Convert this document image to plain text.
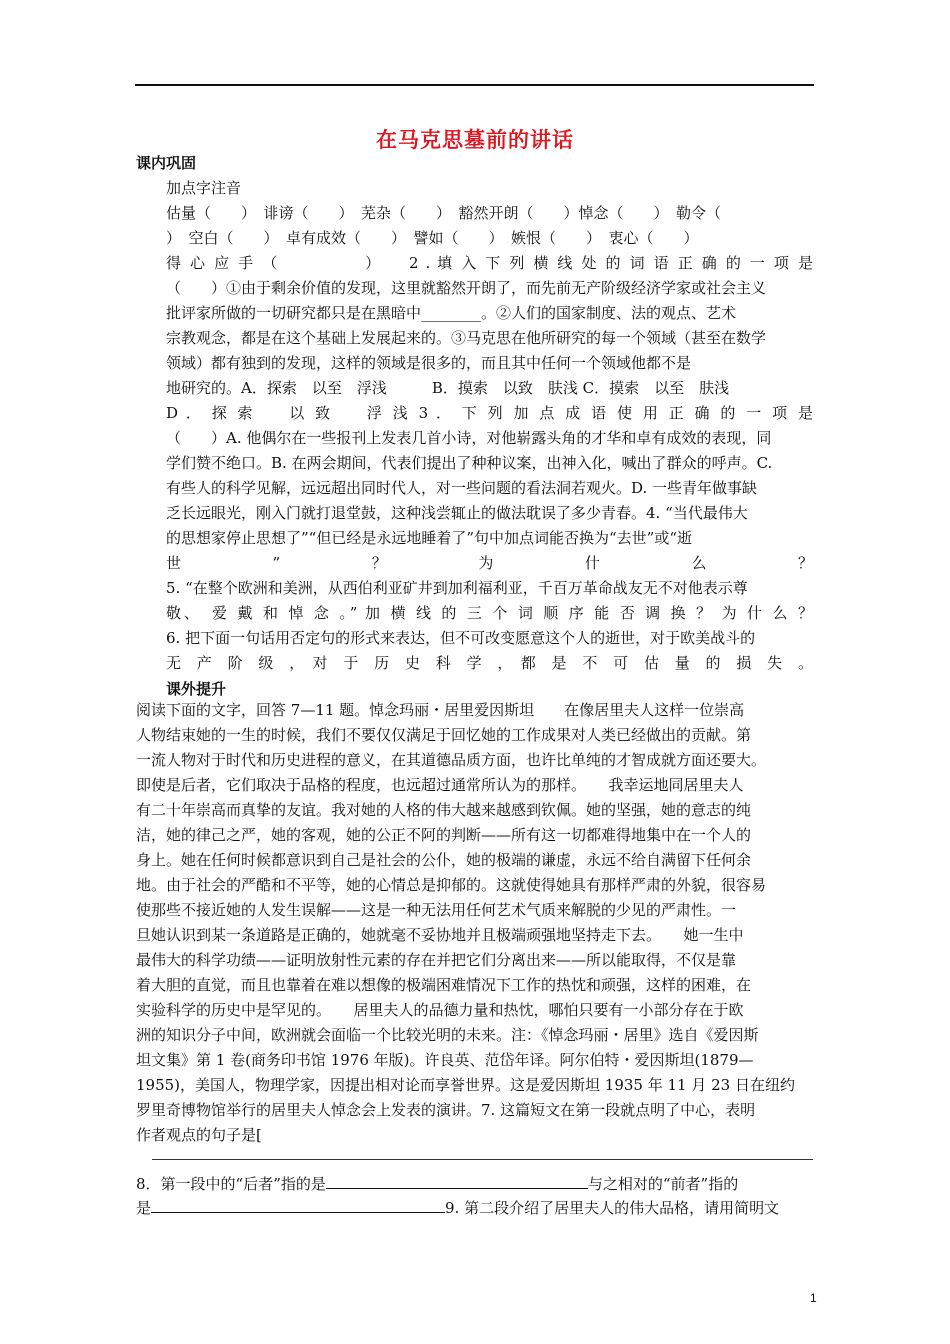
在马克思墓前的讲话
课内巩固
加点字注音
估量（　　）　诽谤（　　）　芜杂（　　）　豁然开朗（　　）悼念（　　）　勒令（
）　空白（　　）　卓有成效（　　）　譬如（　　）　嫉恨（　　）　衷心（　　）
得 心 应 手 （　　　　　）　　2 . 填 入 下 列 横 线 处 的 词 语 正 确 的 一 项 是
（　　）①由于剩余价值的发现，这里就豁然开朗了，而先前无产阶级经济学家或社会主义
批评家所做的一切研究都只是在黑暗中________。②人们的国家制度、法的观点、艺术
宗教观念，都是在这个基础上发展起来的。③马克思在他所研究的每一个领域（甚至在数学
领域）都有独到的发现，这样的领域是很多的，而且其中任何一个领域他都不是
地研究的。A．探索　以至　浮浅　　　B．摸索　以致　肤浅 C．摸索　以至　肤浅
D ． 探 索 　 以 致 　 浮 浅 3 ． 下 列 加 点 成 语 使 用 正 确 的 一 项 是
（　　）A. 他偶尔在一些报刊上发表几首小诗，对他崭露头角的才华和卓有成效的表现，同
学们赞不绝口。B. 在两会期间，代表们提出了种种议案，出神入化，喊出了群众的呼声。C.
有些人的科学见解，远远超出同时代人，对一些问题的看法洞若观火。D. 一些青年做事缺
乏长远眼光，刚入门就打退堂鼓，这种浅尝辄止的做法耽误了多少青春。4. “当代最伟大
的思想家停止思想了”“但已经是永远地睡着了”句中加点词能否换为“去世”或“逝
世　　　”　　　？　　　为　　　什　　　么　　　？
5. “在整个欧洲和美洲，从西伯利亚矿井到加利福利亚，千百万革命战友无不对他表示尊
敬、　爱 戴 和 悼 念 。” 加 横 线 的 三 个 词 顺 序 能 否 调 换 ？ 为 什 么 ？
6. 把下面一句话用否定句的形式来表达，但不可改变愿意这个人的逝世，对于欧美战斗的
无　产　阶　级　，　对　于　历　史　科　学　，　都　是　不　可　估　量　的　损　失　。
课外提升
阅读下面的文字，回答 7—11 题。悼念玛丽・居里爱因斯坦　　在像居里夫人这样一位崇高
人物结束她的一生的时候，我们不要仅仅满足于回忆她的工作成果对人类已经做出的贡献。第
一流人物对于时代和历史进程的意义，在其道德品质方面，也许比单纯的才智成就方面还要大。
即使是后者，它们取决于品格的程度，也远超过通常所认为的那样。　　我幸运地同居里夫人
有二十年崇高而真挚的友谊。我对她的人格的伟大越来越感到钦佩。她的坚强，她的意志的纯
洁，她的律己之严，她的客观，她的公正不阿的判断——所有这一切都难得地集中在一个人的
身上。她在任何时候都意识到自己是社会的公仆，她的极端的谦虚，永远不给自满留下任何余
地。由于社会的严酷和不平等，她的心情总是抑郁的。这就使得她具有那样严肃的外貌，很容易
使那些不接近她的人发生误解——这是一种无法用任何艺术气质来解脱的少见的严肃性。一
旦她认识到某一条道路是正确的，她就毫不妥协地并且极端顽强地坚持走下去。　　她一生中
最伟大的科学功绩——证明放射性元素的存在并把它们分离出来——所以能取得，不仅是靠
着大胆的直觉，而且也靠着在难以想像的极端困难情况下工作的热忱和顽强，这样的困难，在
实验科学的历史中是罕见的。　　居里夫人的品德力量和热忱，哪怕只要有一小部分存在于欧
洲的知识分子中间，欧洲就会面临一个比较光明的未来。注：《悼念玛丽・居里》选自《爱因斯
坦文集》第 1 卷(商务印书馆 1976 年版)。许良英、范岱年译。阿尔伯特・爱因斯坦(1879—
1955)，美国人，物理学家，因提出相对论而享誉世界。这是爱因斯坦 1935 年 11 月 23 日在纽约
罗里奇博物馆举行的居里夫人悼念会上发表的演讲。7. 这篇短文在第一段就点明了中心，表明
作者观点的句子是[
8．第一段中的“后者”指的是	与之相对的“前者”指的
是	9. 第二段介绍了居里夫人的伟大品格，请用简明文
1
